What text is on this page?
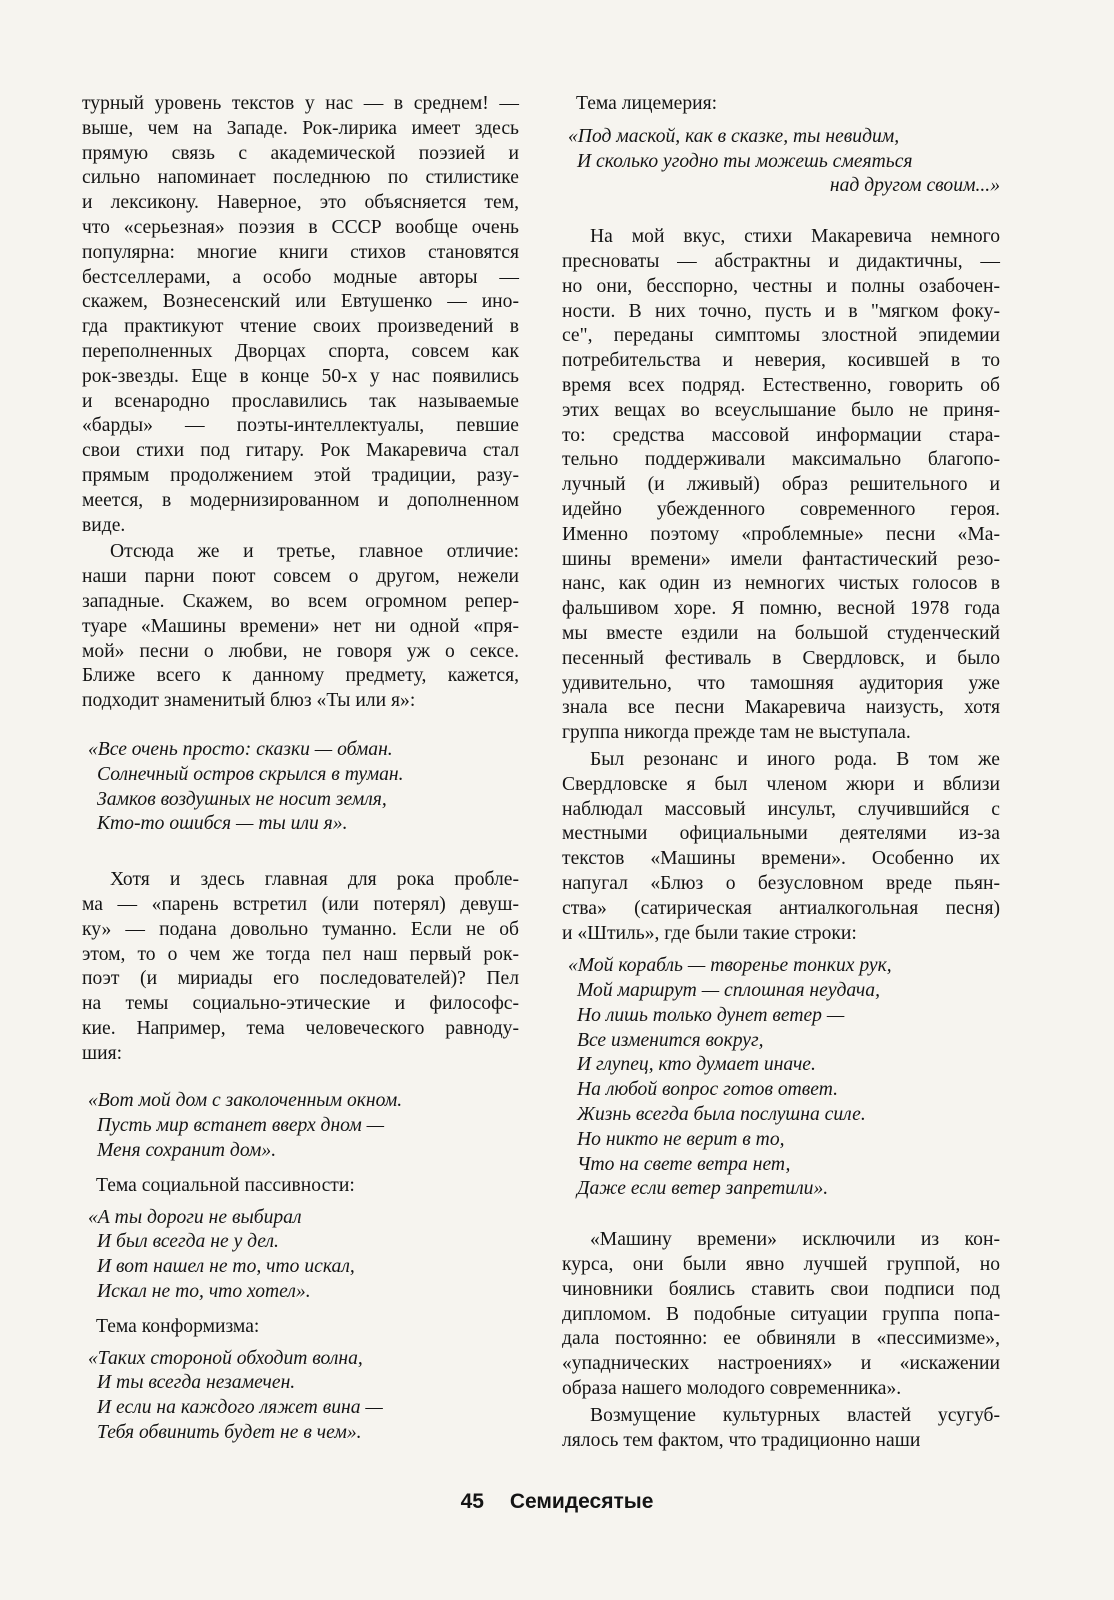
турный уровень текстов у нас — в среднем! —
выше, чем на Западе. Рок-лирика имеет здесь
прямую связь с академической поэзией и
сильно напоминает последнюю по стилистике
и лексикону. Наверное, это объясняется тем,
что «серьезная» поэзия в СССР вообще очень
популярна: многие книги стихов становятся
бестселлерами, а особо модные авторы —
скажем, Вознесенский или Евтушенко — ино-
гда практикуют чтение своих произведений в
переполненных Дворцах спорта, совсем как
рок-звезды. Еще в конце 50-х у нас появились
и всенародно прославились так называемые
«барды» — поэты-интеллектуалы, певшие
свои стихи под гитару. Рок Макаревича стал
прямым продолжением этой традиции, разу-
меется, в модернизированном и дополненном
виде.
Отсюда же и третье, главное отличие:
наши парни поют совсем о другом, нежели
западные. Скажем, во всем огромном репер-
туаре «Машины времени» нет ни одной «пря-
мой» песни о любви, не говоря уж о сексе.
Ближе всего к данному предмету, кажется,
подходит знаменитый блюз «Ты или я»:
«Все очень просто: сказки — обман.
Солнечный остров скрылся в туман.
Замков воздушных не носит земля,
Кто-то ошибся — ты или я».
Хотя и здесь главная для рока пробле-
ма — «парень встретил (или потерял) девуш-
ку» — подана довольно туманно. Если не об
этом, то о чем же тогда пел наш первый рок-
поэт (и мириады его последователей)? Пел
на темы социально-этические и философс-
кие. Например, тема человеческого равноду-
шия:
«Вот мой дом с заколоченным окном.
Пусть мир встанет вверх дном —
Меня сохранит дом».

Тема социальной пассивности:

«А ты дороги не выбирал
И был всегда не у дел.
И вот нашел не то, что искал,
Искал не то, что хотел».

Тема конформизма:

«Таких стороной обходит волна,
И ты всегда незамечен.
И если на каждого ляжет вина —
Тебя обвинить будет не в чем».

Тема лицемерия:

«Под маской, как в сказке, ты невидим,
И сколько угодно ты можешь смеяться
над другом своим...»
На мой вкус, стихи Макаревича немного
пресноваты — абстрактны и дидактичны, —
но они, бесспорно, честны и полны озабочен-
ности. В них точно, пусть и в "мягком фоку-
се", переданы симптомы злостной эпидемии
потребительства и неверия, косившей в то
время всех подряд. Естественно, говорить об
этих вещах во всеуслышание было не приня-
то: средства массовой информации стара-
тельно поддерживали максимально благопо-
лучный (и лживый) образ решительного и
идейно убежденного современного героя.
Именно поэтому «проблемные» песни «Ма-
шины времени» имели фантастический резо-
нанс, как один из немногих чистых голосов в
фальшивом хоре. Я помню, весной 1978 года
мы вместе ездили на большой студенческий
песенный фестиваль в Свердловск, и было
удивительно, что тамошняя аудитория уже
знала все песни Макаревича наизусть, хотя
группа никогда прежде там не выступала.
Был резонанс и иного рода. В том же
Свердловске я был членом жюри и вблизи
наблюдал массовый инсульт, случившийся с
местными официальными деятелями из-за
текстов «Машины времени». Особенно их
напугал «Блюз о безусловном вреде пьян-
ства» (сатирическая антиалкогольная песня)
и «Штиль», где были такие строки:
«Мой корабль — творенье тонких рук,
Мой маршрут — сплошная неудача,
Но лишь только дунет ветер —
Все изменится вокруг,
И глупец, кто думает иначе.
На любой вопрос готов ответ.
Жизнь всегда была послушна силе.
Но никто не верит в то,
Что на свете ветра нет,
Даже если ветер запретили».
«Машину времени» исключили из кон-
курса, они были явно лучшей группой, но
чиновники боялись ставить свои подписи под
дипломом. В подобные ситуации группа попа-
дала постоянно: ее обвиняли в «пессимизме»,
«упаднических настроениях» и «искажении
образа нашего молодого современника».
Возмущение культурных властей усугуб-
лялось тем фактом, что традиционно наши
45 Семидесятые
